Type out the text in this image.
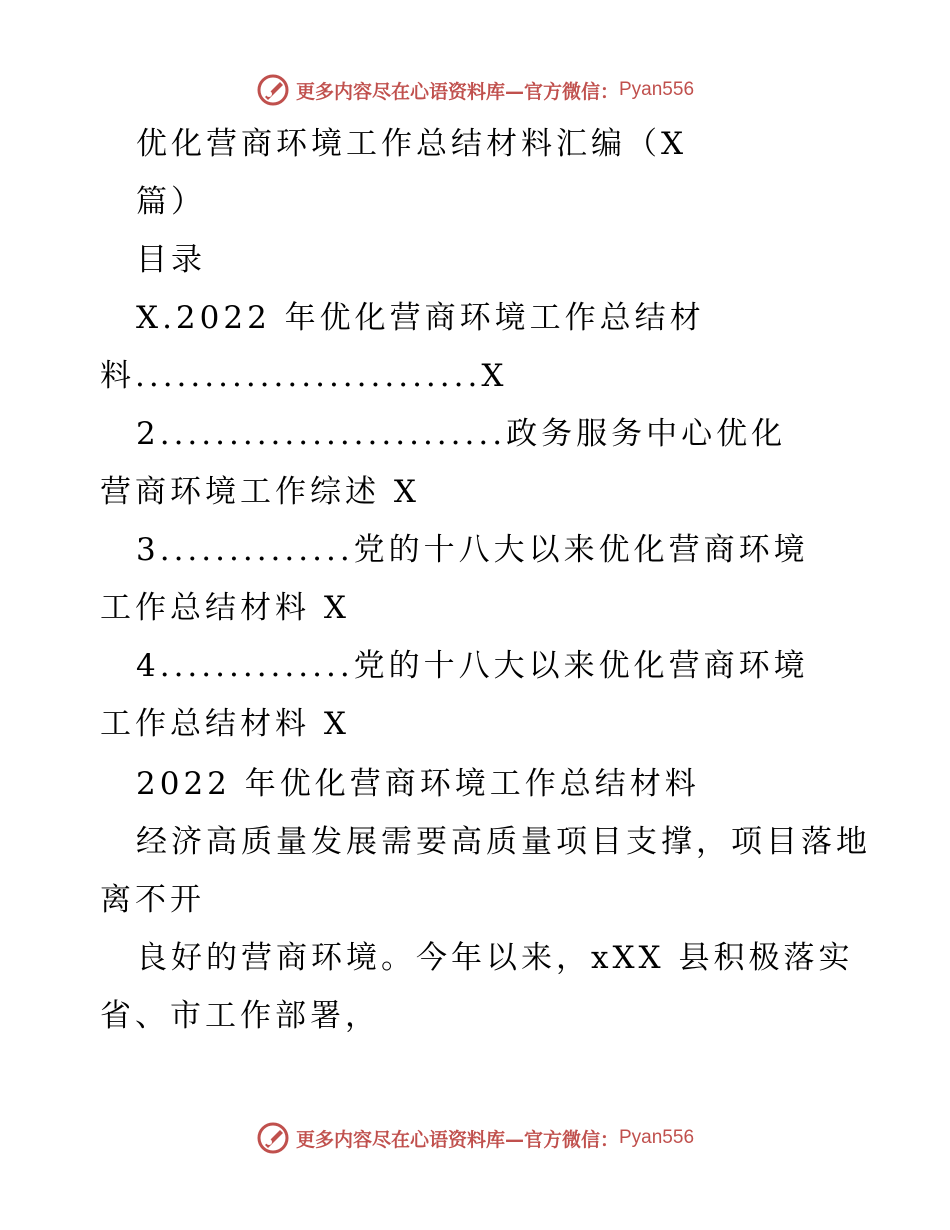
更多内容尽在心语资料库—官方微信： Pyan556
优化营商环境工作总结材料汇编（X
篇）
目录
X.2022 年优化营商环境工作总结材
料.........................X
2.........................政务服务中心优化
营商环境工作综述 X
3..............党的十八大以来优化营商环境
工作总结材料 X
4..............党的十八大以来优化营商环境
工作总结材料 X
2022 年优化营商环境工作总结材料
经济高质量发展需要高质量项目支撑，项目落地
离不开
良好的营商环境。今年以来，xXX 县积极落实
省、市工作部署，
更多内容尽在心语资料库—官方微信： Pyan556
